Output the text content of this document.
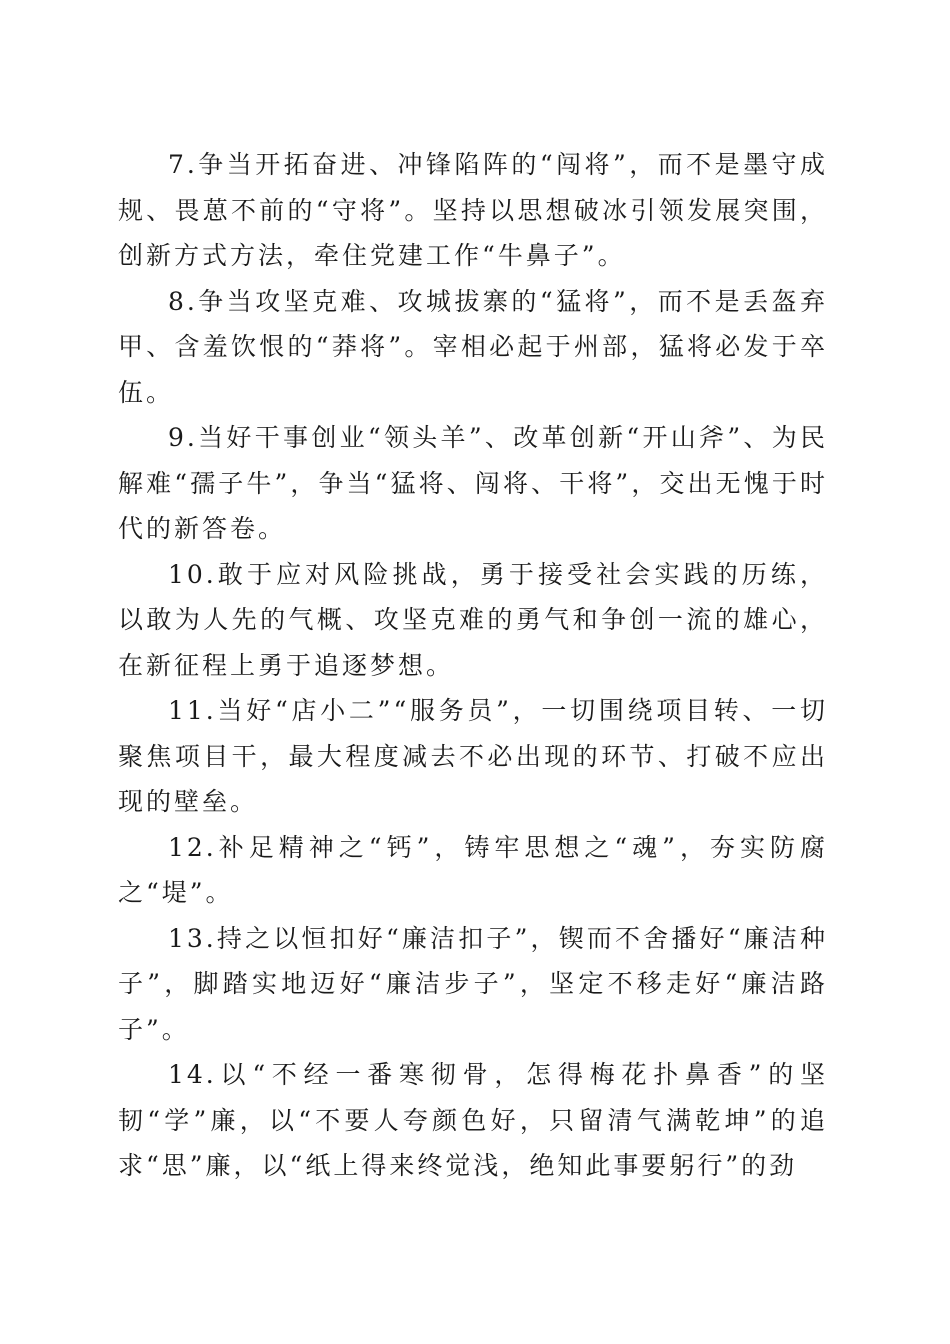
7.争当开拓奋进、冲锋陷阵的“闯将”，而不是墨守成规、畏葸不前的“守将”。坚持以思想破冰引领发展突围，创新方式方法，牵住党建工作“牛鼻子”。

8.争当攻坚克难、攻城拔寨的“猛将”，而不是丢盔弃甲、含羞饮恨的“莽将”。宰相必起于州部，猛将必发于卒伍。

9.当好干事创业“领头羊”、改革创新“开山斧”、为民解难“孺子牛”，争当“猛将、闯将、干将”，交出无愧于时代的新答卷。

10.敢于应对风险挑战，勇于接受社会实践的历练，以敢为人先的气概、攻坚克难的勇气和争创一流的雄心，在新征程上勇于追逐梦想。

11.当好“店小二”“服务员”，一切围绕项目转、一切聚焦项目干，最大程度减去不必出现的环节、打破不应出现的壁垒。

12.补足精神之“钙”，铸牢思想之“魂”，夯实防腐之“堤”。

13.持之以恒扣好“廉洁扣子”，锲而不舍播好“廉洁种子”，脚踏实地迈好“廉洁步子”，坚定不移走好“廉洁路子”。

14.以“不经一番寒彻骨，怎得梅花扑鼻香”的坚韧“学”廉，以“不要人夸颜色好，只留清气满乾坤”的追求“思”廉，以“纸上得来终觉浅，绝知此事要躬行”的劲
